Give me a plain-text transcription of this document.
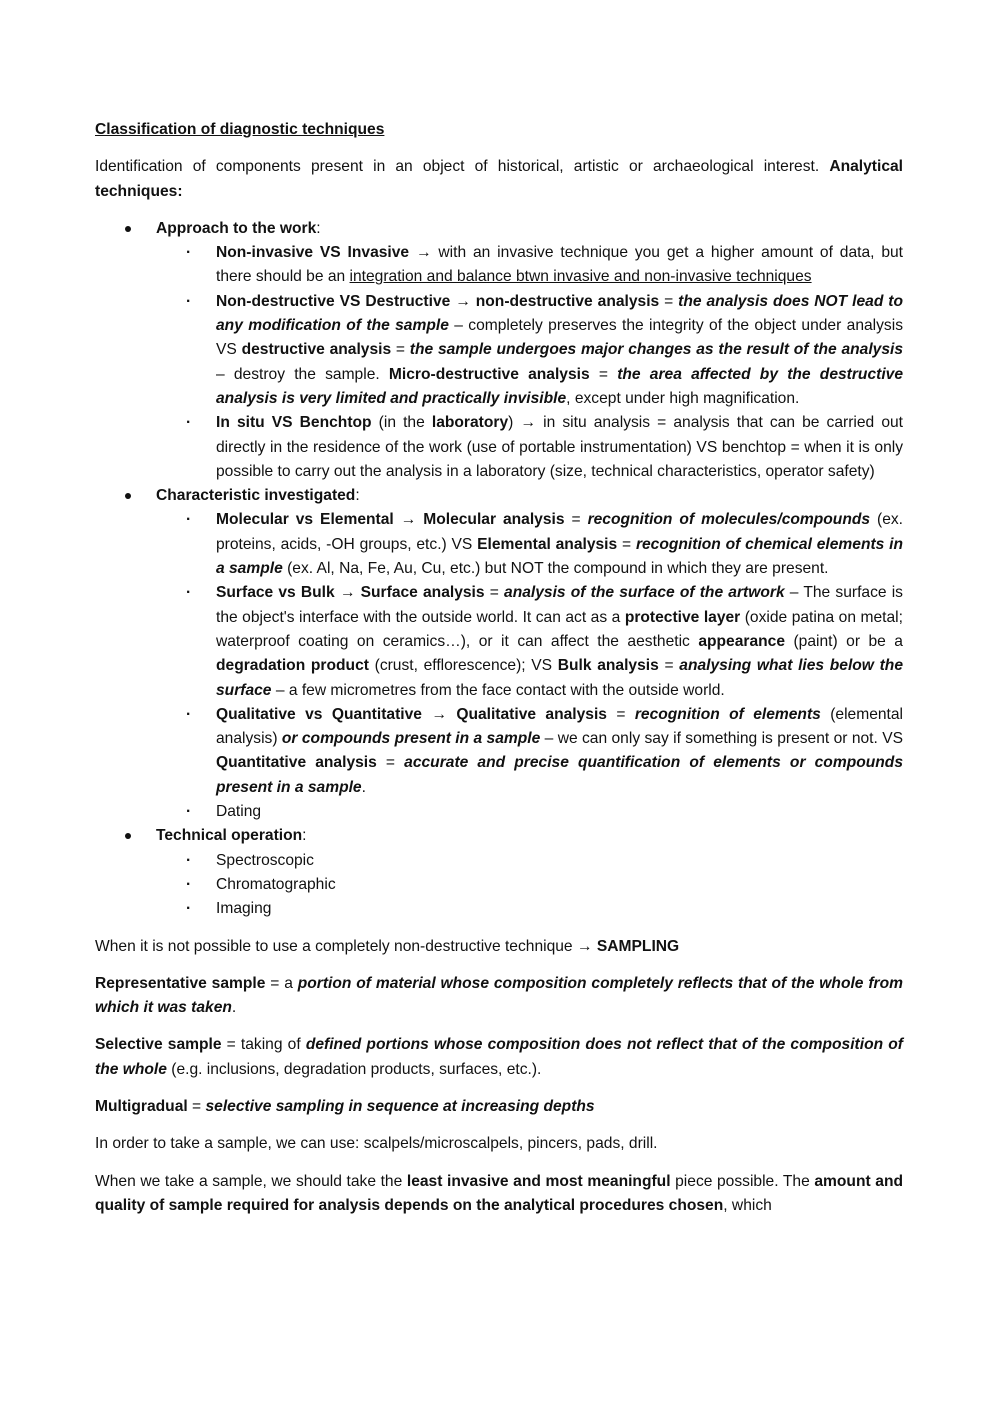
Classification of diagnostic techniques

Identification of components present in an object of historical, artistic or archaeological interest. Analytical techniques:

Approach to the work:
· Non-invasive VS Invasive → with an invasive technique you get a higher amount of data, but there should be an integration and balance btwn invasive and non-invasive techniques
· Non-destructive VS Destructive → non-destructive analysis = the analysis does NOT lead to any modification of the sample – completely preserves the integrity of the object under analysis VS destructive analysis = the sample undergoes major changes as the result of the analysis – destroy the sample. Micro-destructive analysis = the area affected by the destructive analysis is very limited and practically invisible, except under high magnification.
· In situ VS Benchtop (in the laboratory) → in situ analysis = analysis that can be carried out directly in the residence of the work (use of portable instrumentation) VS benchtop = when it is only possible to carry out the analysis in a laboratory (size, technical characteristics, operator safety)
Characteristic investigated:
· Molecular vs Elemental → Molecular analysis = recognition of molecules/compounds (ex. proteins, acids, -OH groups, etc.) VS Elemental analysis = recognition of chemical elements in a sample (ex. Al, Na, Fe, Au, Cu, etc.) but NOT the compound in which they are present.
· Surface vs Bulk → Surface analysis = analysis of the surface of the artwork – The surface is the object's interface with the outside world. It can act as a protective layer (oxide patina on metal; waterproof coating on ceramics…), or it can affect the aesthetic appearance (paint) or be a degradation product (crust, efflorescence); VS Bulk analysis = analysing what lies below the surface – a few micrometres from the face contact with the outside world.
· Qualitative vs Quantitative → Qualitative analysis = recognition of elements (elemental analysis) or compounds present in a sample – we can only say if something is present or not. VS Quantitative analysis = accurate and precise quantification of elements or compounds present in a sample.
· Dating
Technical operation:
· Spectroscopic
· Chromatographic
· Imaging

When it is not possible to use a completely non-destructive technique → SAMPLING

Representative sample = a portion of material whose composition completely reflects that of the whole from which it was taken.

Selective sample = taking of defined portions whose composition does not reflect that of the composition of the whole (e.g. inclusions, degradation products, surfaces, etc.).

Multigradual = selective sampling in sequence at increasing depths

In order to take a sample, we can use: scalpels/microscalpels, pincers, pads, drill.

When we take a sample, we should take the least invasive and most meaningful piece possible. The amount and quality of sample required for analysis depends on the analytical procedures chosen, which
